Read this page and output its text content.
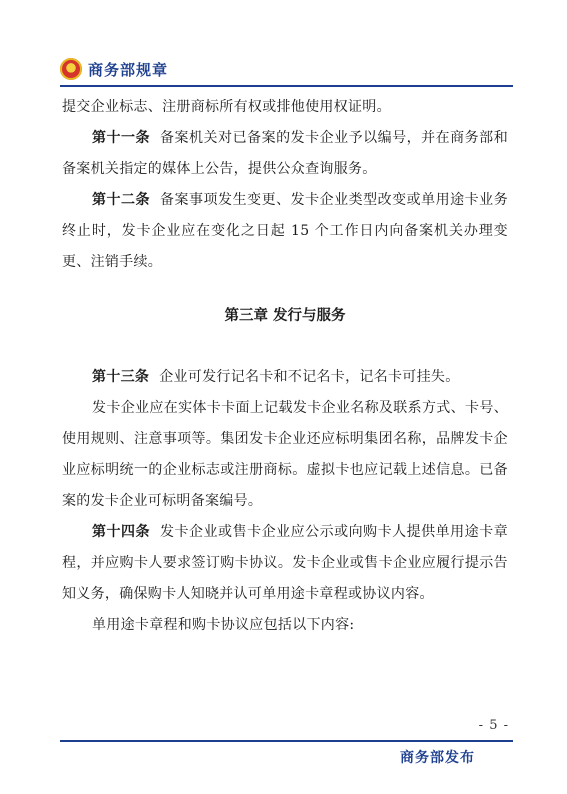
商务部规章

提交企业标志、注册商标所有权或排他使用权证明。

第十一条 备案机关对已备案的发卡企业予以编号，并在商务部和备案机关指定的媒体上公告，提供公众查询服务。

第十二条 备案事项发生变更、发卡企业类型改变或单用途卡业务终止时，发卡企业应在变化之日起 15 个工作日内向备案机关办理变更、注销手续。

第三章 发行与服务

第十三条 企业可发行记名卡和不记名卡，记名卡可挂失。

发卡企业应在实体卡卡面上记载发卡企业名称及联系方式、卡号、使用规则、注意事项等。集团发卡企业还应标明集团名称，品牌发卡企业应标明统一的企业标志或注册商标。虚拟卡也应记载上述信息。已备案的发卡企业可标明备案编号。

第十四条 发卡企业或售卡企业应公示或向购卡人提供单用途卡章程，并应购卡人要求签订购卡协议。发卡企业或售卡企业应履行提示告知义务，确保购卡人知晓并认可单用途卡章程或协议内容。

单用途卡章程和购卡协议应包括以下内容:

- 5 -
商务部发布
